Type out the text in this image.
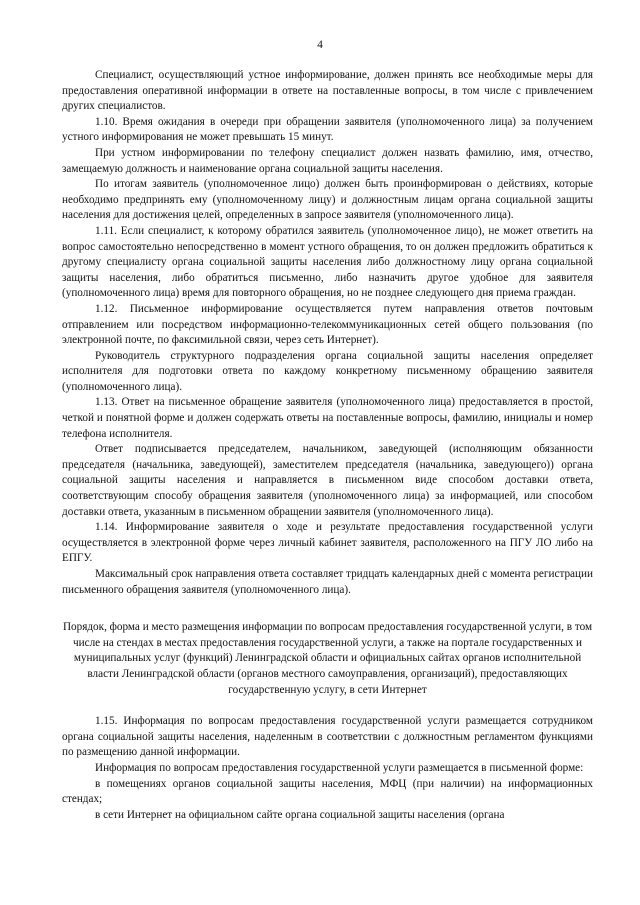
4

Специалист, осуществляющий устное информирование, должен принять все необходимые меры для предоставления оперативной информации в ответе на поставленные вопросы, в том числе с привлечением других специалистов.

1.10. Время ожидания в очереди при обращении заявителя (уполномоченного лица) за получением устного информирования не может превышать 15 минут.

При устном информировании по телефону специалист должен назвать фамилию, имя, отчество, замещаемую должность и наименование органа социальной защиты населения.

По итогам заявитель (уполномоченное лицо) должен быть проинформирован о действиях, которые необходимо предпринять ему (уполномоченному лицу) и должностным лицам органа социальной защиты населения для достижения целей, определенных в запросе заявителя (уполномоченного лица).

1.11. Если специалист, к которому обратился заявитель (уполномоченное лицо), не может ответить на вопрос самостоятельно непосредственно в момент устного обращения, то он должен предложить обратиться к другому специалисту органа социальной защиты населения либо должностному лицу органа социальной защиты населения, либо обратиться письменно, либо назначить другое удобное для заявителя (уполномоченного лица) время для повторного обращения, но не позднее следующего дня приема граждан.

1.12. Письменное информирование осуществляется путем направления ответов почтовым отправлением или посредством информационно-телекоммуникационных сетей общего пользования (по электронной почте, по факсимильной связи, через сеть Интернет).

Руководитель структурного подразделения органа социальной защиты населения определяет исполнителя для подготовки ответа по каждому конкретному письменному обращению заявителя (уполномоченного лица).

1.13. Ответ на письменное обращение заявителя (уполномоченного лица) предоставляется в простой, четкой и понятной форме и должен содержать ответы на поставленные вопросы, фамилию, инициалы и номер телефона исполнителя.

Ответ подписывается председателем, начальником, заведующей (исполняющим обязанности председателя (начальника, заведующей), заместителем председателя (начальника, заведующего)) органа социальной защиты населения и направляется в письменном виде способом доставки ответа, соответствующим способу обращения заявителя (уполномоченного лица) за информацией, или способом доставки ответа, указанным в письменном обращении заявителя (уполномоченного лица).

1.14. Информирование заявителя о ходе и результате предоставления государственной услуги осуществляется в электронной форме через личный кабинет заявителя, расположенного на ПГУ ЛО либо на ЕПГУ.

Максимальный срок направления ответа составляет тридцать календарных дней с момента регистрации письменного обращения заявителя (уполномоченного лица).

Порядок, форма и место размещения информации по вопросам предоставления государственной услуги, в том числе на стендах в местах предоставления государственной услуги, а также на портале государственных и муниципальных услуг (функций) Ленинградской области и официальных сайтах органов исполнительной власти Ленинградской области (органов местного самоуправления, организаций), предоставляющих государственную услугу, в сети Интернет

1.15. Информация по вопросам предоставления государственной услуги размещается сотрудником органа социальной защиты населения, наделенным в соответствии с должностным регламентом функциями по размещению данной информации.

Информация по вопросам предоставления государственной услуги размещается в письменной форме:

в помещениях органов социальной защиты населения, МФЦ (при наличии) на информационных стендах;

в сети Интернет на официальном сайте органа социальной защиты населения (органа
